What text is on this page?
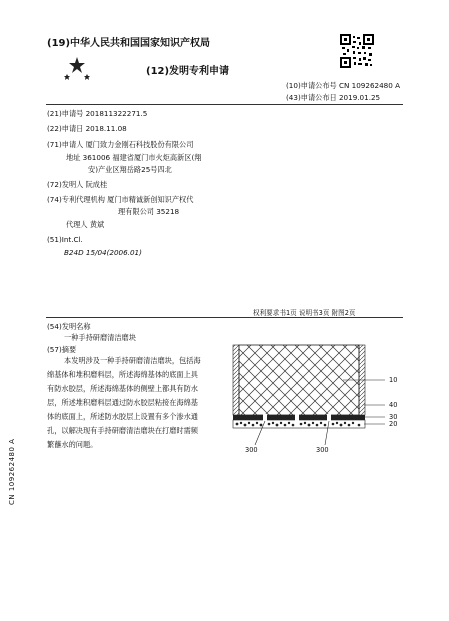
(19)中华人民共和国国家知识产权局
(12)发明专利申请
(10)申请公布号 CN 109262480 A
(43)申请公布日 2019.01.25
(21)申请号 201811322271.5
(22)申请日 2018.11.08
(71)申请人 厦门致力金刚石科技股份有限公司
地址 361006 福建省厦门市火炬高新区(翔
安)产业区翔岳路25号四北
(72)发明人 阮成桂
(74)专利代理机构 厦门市精诚新创知识产权代
理有限公司 35218
代理人 黄斌
(51)Int.Cl.
B24D 15/04(2006.01)
权利要求书1页 说明书3页 附图2页
(54)发明名称
一种手持研磨清洁磨块
(57)摘要
本发明涉及一种手持研磨清洁磨块，包括海
绵基体和堆积磨料层，所述海绵基体的底面上具
有防水胶层，所述海绵基体的侧壁上都具有防水
层，所述堆积磨料层通过防水胶层粘接在海绵基
体的底面上，所述防水胶层上设置有多个渗水通
孔，以解决现有手持研磨清洁磨块在打磨时需频
繁蘸水的问题。
10
40
30
20
300	300
CN 109262480 A
